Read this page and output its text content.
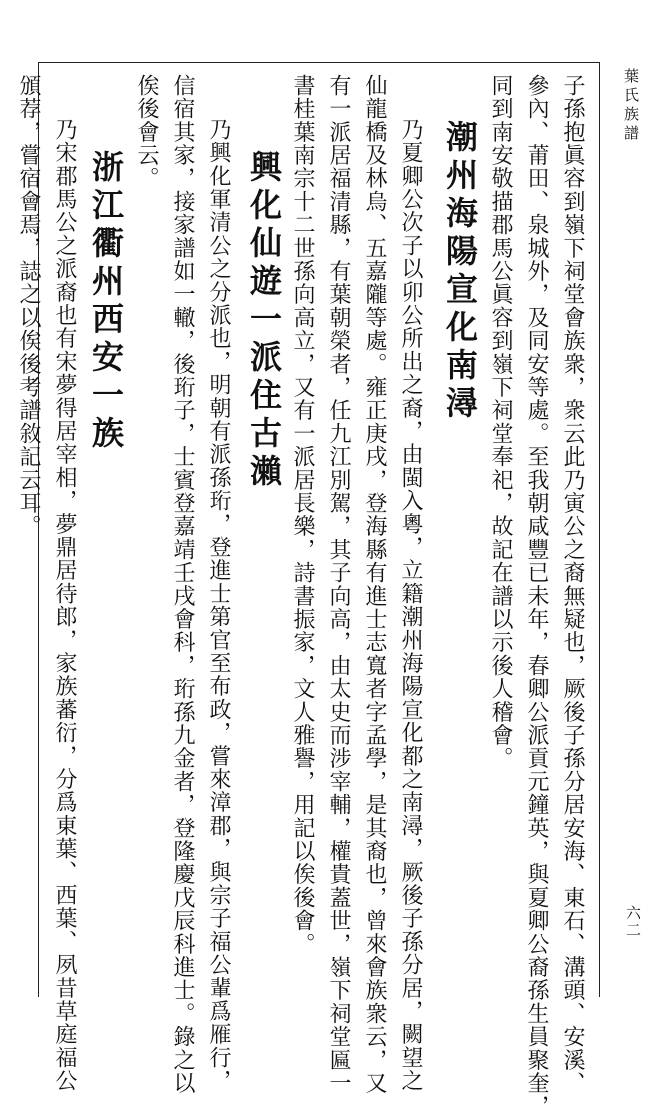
葉氏族譜
六二
子孫抱眞容到嶺下祠堂會族衆，衆云此乃寅公之裔無疑也，厥後子孫分居安海、東石、溝頭、安溪、
參內、莆田、泉城外，及同安等處。至我朝咸豐已未年，春卿公派貢元鐘英，與夏卿公裔孫生員聚奎，
同到南安敬描郡馬公眞容到嶺下祠堂奉祀，故記在譜以示後人稽會。
潮州海陽宣化南潯
乃夏卿公次子以卯公所出之裔，由閩入粵，立籍潮州海陽宣化都之南潯，厥後子孫分居，闕望之
仙龍橋及林烏、五嘉隴等處。雍正庚戌，登海縣有進士志寬者字孟學，是其裔也，曾來會族衆云，又
有一派居福清縣，有葉朝榮者，任九江別駕，其子向高，由太史而涉宰輔，權貴蓋世，嶺下祠堂匾一
書桂葉南宗十二世孫向高立，又有一派居長樂，詩書振家，文人雅譽，用記以俟後會。
興化仙遊一派住古瀨
乃興化軍清公之分派也，明朝有派孫珩，登進士第官至布政，嘗來漳郡，與宗子福公輩爲雁行，
信宿其家，接家譜如一轍，後珩子，士賓登嘉靖壬戌會科，珩孫九金者，登隆慶戊辰科進士。錄之以
俟後會云。
浙江衢州西安一族
乃宋郡馬公之派裔也有宋夢得居宰相，夢鼎居待郎，家族蕃衍，分爲東葉、西葉、夙昔草庭福公
頒荐，嘗宿會焉，誌之以俟後考譜敘記云耳。
